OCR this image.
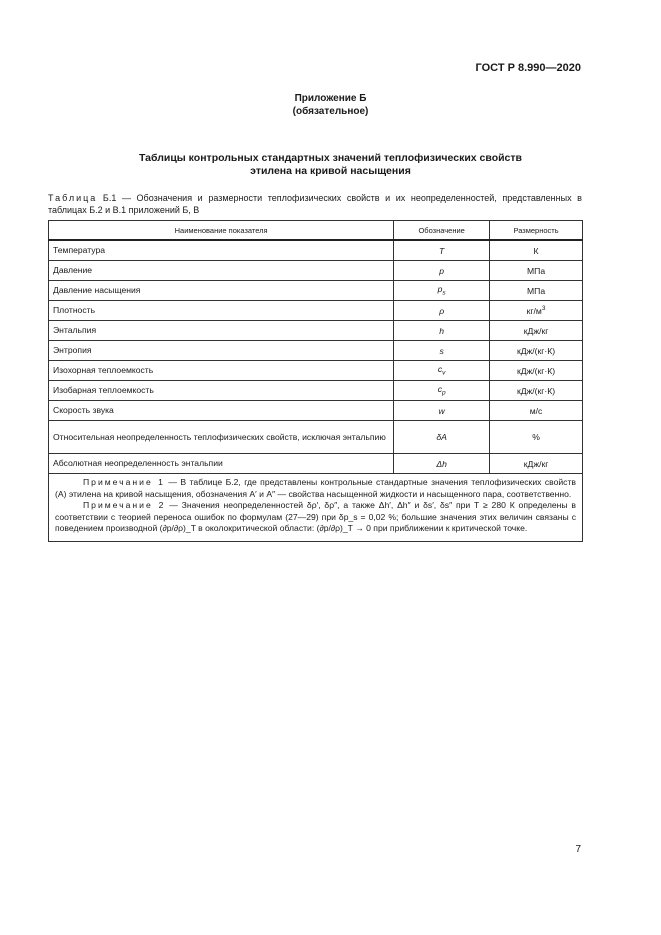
ГОСТ Р 8.990—2020
Приложение Б
(обязательное)
Таблицы контрольных стандартных значений теплофизических свойств
этилена на кривой насыщения
Таблица Б.1 — Обозначения и размерности теплофизических свойств и их неопределенностей, представленных в таблицах Б.2 и В.1 приложений Б, В
Наименование показателя	Обозначение	Размерность
Температура	T	К
Давление	p	МПа
Давление насыщения	$p_s$	МПа
Плотность	ρ	$кг/м^3$
Энтальпия	h	кДж/кг
Энтропия	s	кДж/(кг·К)
Изохорная теплоемкость	$c_v$	кДж/(кг·К)
Изобарная теплоемкость	$c_p$	кДж/(кг·К)
Скорость звука	w	м/с
Относительная неопределенность теплофизических свойств, исключая энтальпию	δA	%
Абсолютная неопределенность энтальпии	Δh	кДж/кг

Примечание 1 — В таблице Б.2, где представлены контрольные стандартные значения теплофизических свойств (A) этилена на кривой насыщения, обозначения A′ и A″ — свойства насыщенной жидкости и насыщенного пара, соответственно.

Примечание 2 — Значения неопределенностей δρ′, δρ″, а также Δh′, Δh″ и δs′, δs″ при T ≥ 280 К определены в соответствии с теорией переноса ошибок по формулам (27—29) при δp_s = 0,02 %; большие значения этих величин связаны с поведением производной (∂p/∂ρ)_T в околокритической области: (∂p/∂ρ)_T → 0 при приближении к критической точке.		

7
